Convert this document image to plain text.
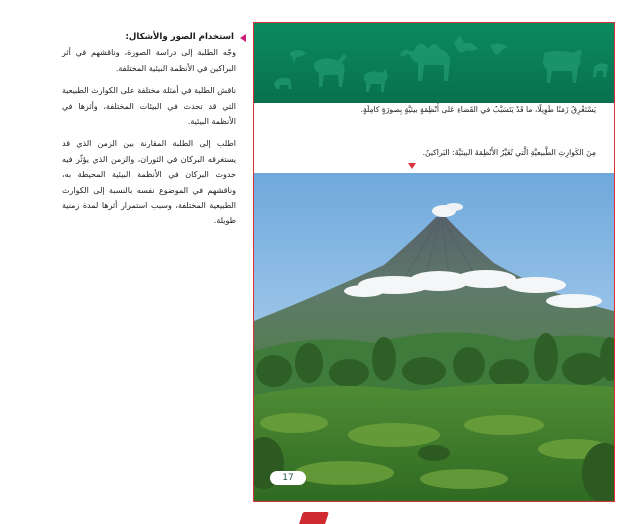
استخدام الصور والأشكال:

وجّه الطلبة إلى دراسة الصورة، وناقشهم في أثر البراكين في الأنظمة البيئية المختلفة.

ناقش الطلبة في أمثلة مختلفة على الكوارث الطبيعية التي قد تحدث في البيئات المختلفة، وأثرها في الأنظمة البيئية.

اطلب إلى الطلبة المقارنة بين الزمن الذي قد يستغرقه البركان في الثوران، والزمن الذي يؤثّر فيه حدوث البركان في الأنظمة البيئية المحيطة به، وناقشهم في الموضوع نفسه بالنسبة إلى الكوارث الطبيعية المختلفة، وسبب استمرار أثرها لمدة زمنية طويلة.

يَسْتَغْرِقُ زَمَنًا طَوِيلًا، ما قَدْ يَتَسَبَّبُ في القَضاءِ عَلى أَنْظِمَةٍ بيئيَّةٍ بِصورَةٍ كامِلَةٍ.
مِنَ الكَوارِثِ الطَّبيعيَّةِ الَّتي تُغَيِّرُ الأَنْظِمَةَ البيئيَّةَ: البَراكينُ.
17
